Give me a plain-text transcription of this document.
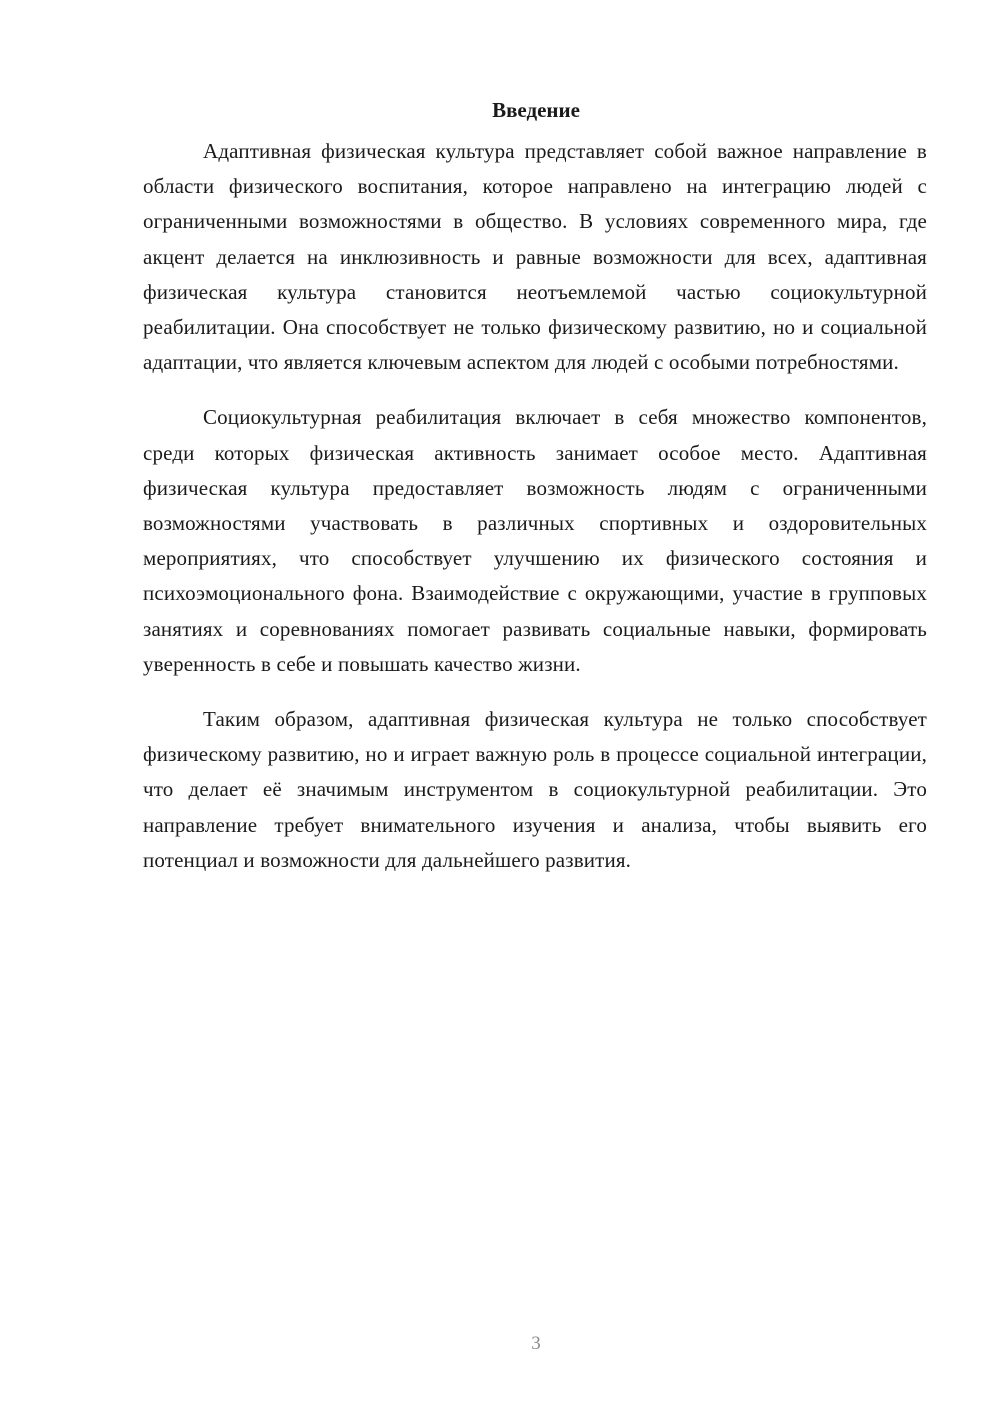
Введение

Адаптивная физическая культура представляет собой важное направление в области физического воспитания, которое направлено на интеграцию людей с ограниченными возможностями в общество. В условиях современного мира, где акцент делается на инклюзивность и равные возможности для всех, адаптивная физическая культура становится неотъемлемой частью социокультурной реабилитации. Она способствует не только физическому развитию, но и социальной адаптации, что является ключевым аспектом для людей с особыми потребностями.

Социокультурная реабилитация включает в себя множество компонентов, среди которых физическая активность занимает особое место. Адаптивная физическая культура предоставляет возможность людям с ограниченными возможностями участвовать в различных спортивных и оздоровительных мероприятиях, что способствует улучшению их физического состояния и психоэмоционального фона. Взаимодействие с окружающими, участие в групповых занятиях и соревнованиях помогает развивать социальные навыки, формировать уверенность в себе и повышать качество жизни.

Таким образом, адаптивная физическая культура не только способствует физическому развитию, но и играет важную роль в процессе социальной интеграции, что делает её значимым инструментом в социокультурной реабилитации. Это направление требует внимательного изучения и анализа, чтобы выявить его потенциал и возможности для дальнейшего развития.

3
